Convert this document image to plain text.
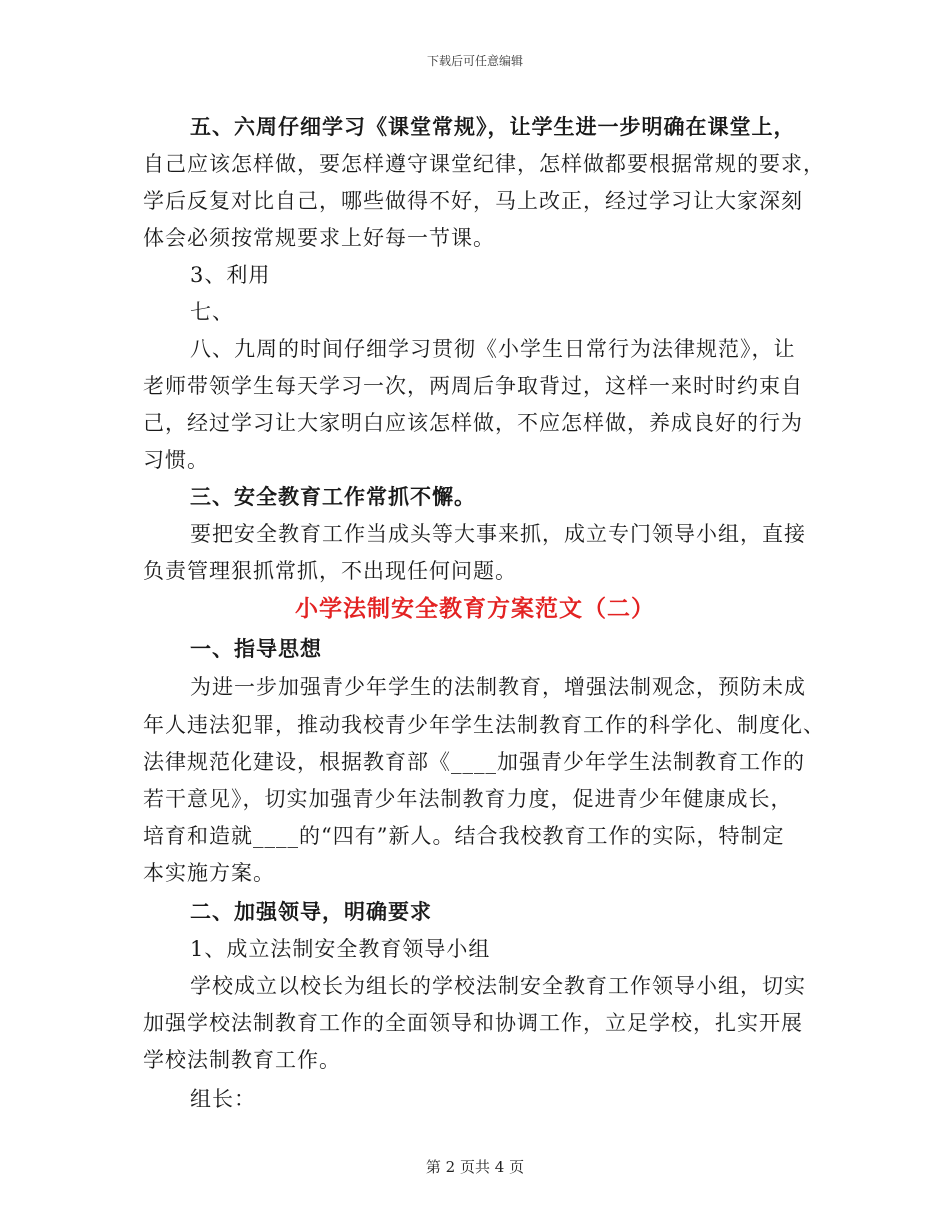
下载后可任意编辑
五、六周仔细学习《课堂常规》，让学生进一步明确在课堂上，
自己应该怎样做，要怎样遵守课堂纪律，怎样做都要根据常规的要求，
学后反复对比自己，哪些做得不好，马上改正，经过学习让大家深刻
体会必须按常规要求上好每一节课。
3、利用
七、
八、九周的时间仔细学习贯彻《小学生日常行为法律规范》，让
老师带领学生每天学习一次，两周后争取背过，这样一来时时约束自
己，经过学习让大家明白应该怎样做，不应怎样做，养成良好的行为
习惯。
三、安全教育工作常抓不懈。
要把安全教育工作当成头等大事来抓，成立专门领导小组，直接
负责管理狠抓常抓，不出现任何问题。
小学法制安全教育方案范文（二）
一、指导思想
为进一步加强青少年学生的法制教育，增强法制观念，预防未成
年人违法犯罪，推动我校青少年学生法制教育工作的科学化、制度化、
法律规范化建设，根据教育部《____加强青少年学生法制教育工作的
若干意见》，切实加强青少年法制教育力度，促进青少年健康成长，
培育和造就____的“四有”新人。结合我校教育工作的实际，特制定
本实施方案。
二、加强领导，明确要求
1、成立法制安全教育领导小组
学校成立以校长为组长的学校法制安全教育工作领导小组，切实
加强学校法制教育工作的全面领导和协调工作，立足学校，扎实开展
学校法制教育工作。
组长：
第 2 页共 4 页
